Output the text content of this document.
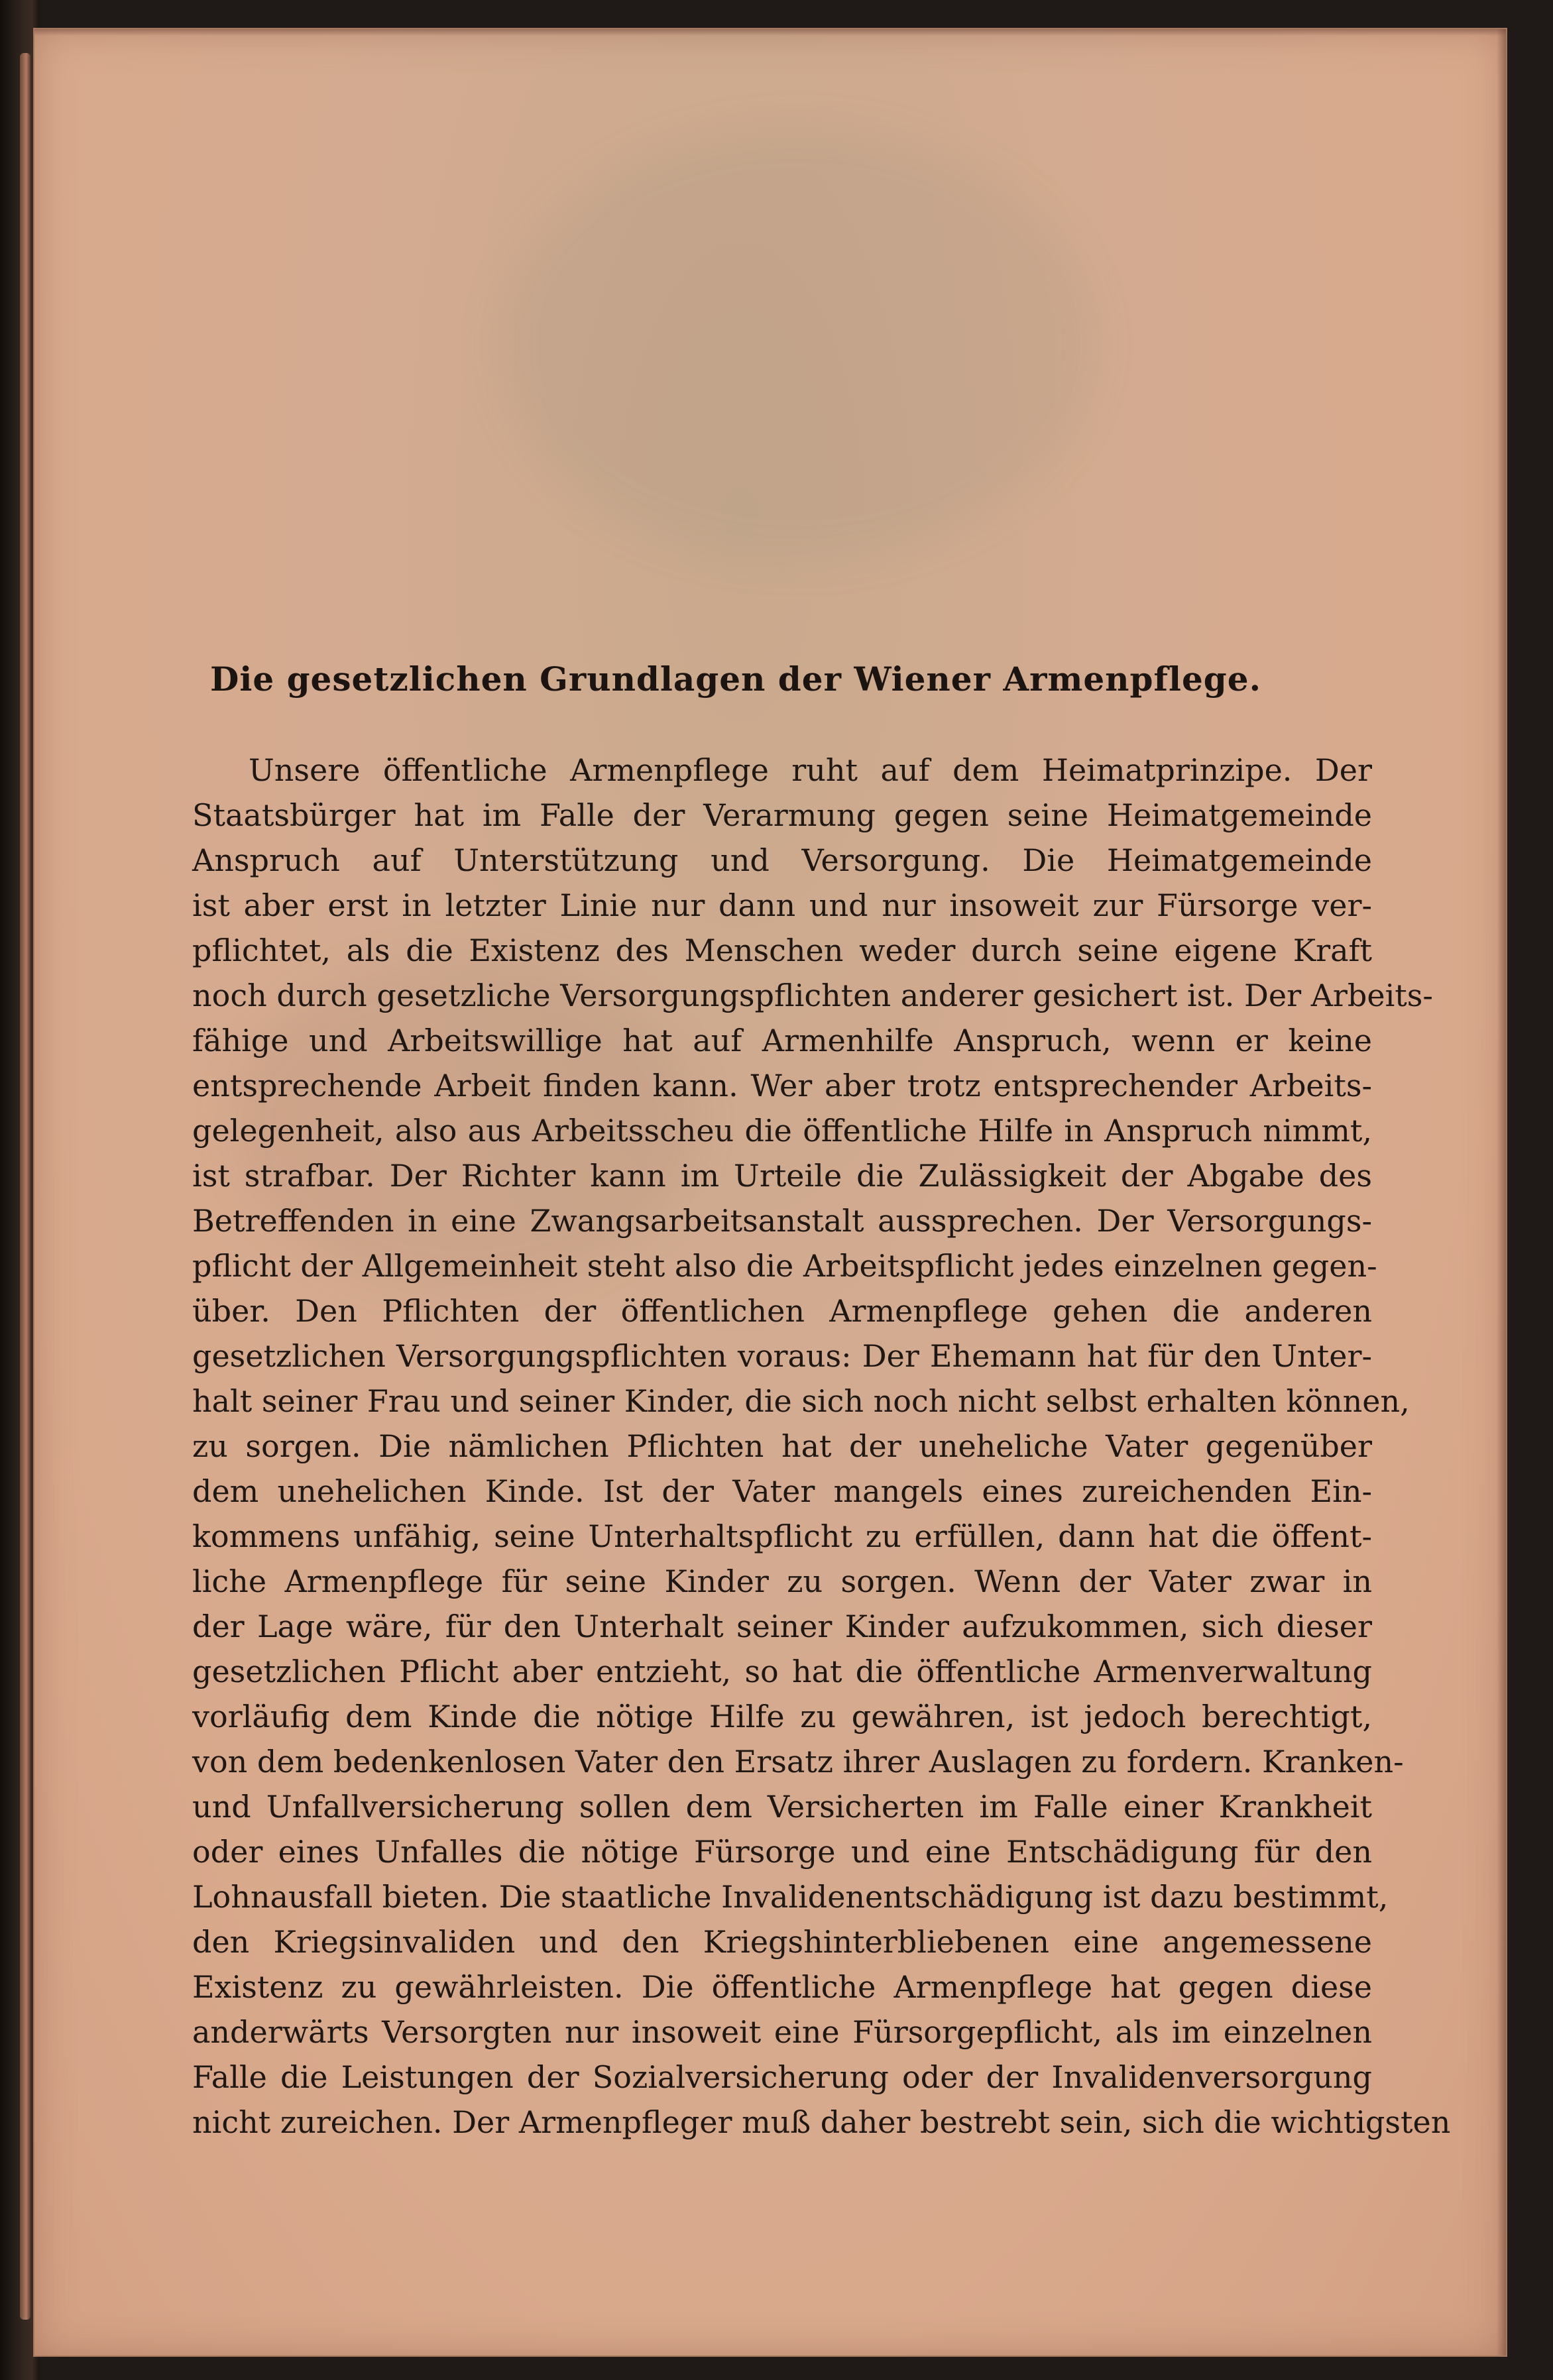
Die gesetzlichen Grundlagen der Wiener Armenpflege.
Unsere öffentliche Armenpflege ruht auf dem Heimatprinzipe. Der
Staatsbürger hat im Falle der Verarmung gegen seine Heimatgemeinde
Anspruch auf Unterstützung und Versorgung. Die Heimatgemeinde
ist aber erst in letzter Linie nur dann und nur insoweit zur Fürsorge ver-
pflichtet, als die Existenz des Menschen weder durch seine eigene Kraft
noch durch gesetzliche Versorgungspflichten anderer gesichert ist. Der Arbeits-
fähige und Arbeitswillige hat auf Armenhilfe Anspruch, wenn er keine
entsprechende Arbeit finden kann. Wer aber trotz entsprechender Arbeits-
gelegenheit, also aus Arbeitsscheu die öffentliche Hilfe in Anspruch nimmt,
ist strafbar. Der Richter kann im Urteile die Zulässigkeit der Abgabe des
Betreffenden in eine Zwangsarbeitsanstalt aussprechen. Der Versorgungs-
pflicht der Allgemeinheit steht also die Arbeitspflicht jedes einzelnen gegen-
über. Den Pflichten der öffentlichen Armenpflege gehen die anderen
gesetzlichen Versorgungspflichten voraus: Der Ehemann hat für den Unter-
halt seiner Frau und seiner Kinder, die sich noch nicht selbst erhalten können,
zu sorgen. Die nämlichen Pflichten hat der uneheliche Vater gegenüber
dem unehelichen Kinde. Ist der Vater mangels eines zureichenden Ein-
kommens unfähig, seine Unterhaltspflicht zu erfüllen, dann hat die öffent-
liche Armenpflege für seine Kinder zu sorgen. Wenn der Vater zwar in
der Lage wäre, für den Unterhalt seiner Kinder aufzukommen, sich dieser
gesetzlichen Pflicht aber entzieht, so hat die öffentliche Armenverwaltung
vorläufig dem Kinde die nötige Hilfe zu gewähren, ist jedoch berechtigt,
von dem bedenkenlosen Vater den Ersatz ihrer Auslagen zu fordern. Kranken-
und Unfallversicherung sollen dem Versicherten im Falle einer Krankheit
oder eines Unfalles die nötige Fürsorge und eine Entschädigung für den
Lohnausfall bieten. Die staatliche Invalidenentschädigung ist dazu bestimmt,
den Kriegsinvaliden und den Kriegshinterbliebenen eine angemessene
Existenz zu gewährleisten. Die öffentliche Armenpflege hat gegen diese
anderwärts Versorgten nur insoweit eine Fürsorgepflicht, als im einzelnen
Falle die Leistungen der Sozialversicherung oder der Invalidenversorgung
nicht zureichen. Der Armenpfleger muß daher bestrebt sein, sich die wichtigsten
